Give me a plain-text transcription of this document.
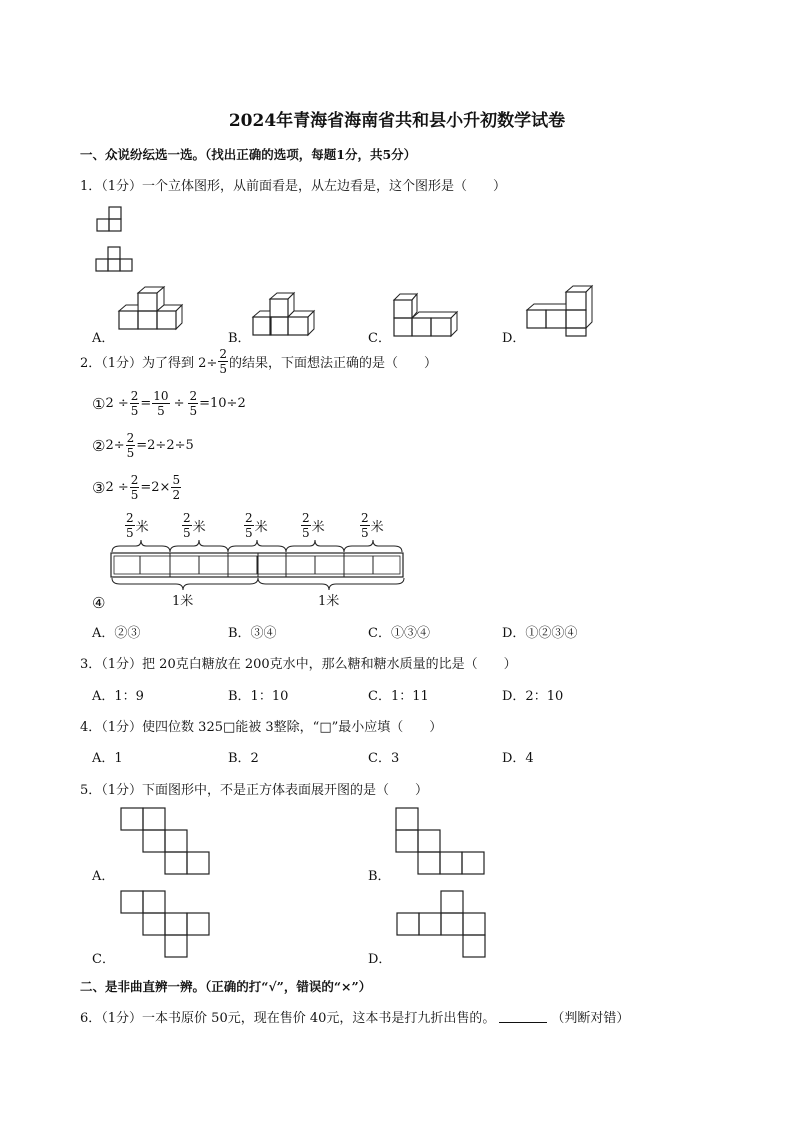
2024年青海省海南省共和县小升初数学试卷
一、众说纷纭选一选。（找出正确的选项，每题1分，共5分）
1．（1分）一个立体图形，从前面看是，从左边看是，这个图形是（　　）
A．	B．	C．	D．
2．（1分）为了得到 $2\div \frac{2}{5}$ 的结果，下面想法正确的是（　　）
① $2 \div \frac{2}{5} = \frac{10}{5} \div \frac{2}{5} =10\div 2$
② $2\div \frac{2}{5} =2\div 2\div 5$
③ $2 \div \frac{2}{5} =2\times \frac{5}{2}$
$\frac{2}{5}$ 米	$\frac{2}{5}$ 米	$\frac{2}{5}$ 米	$\frac{2}{5}$ 米	$\frac{2}{5}$ 米
④	1米	1米
A．②③	B．③④	C．①③④	D．①②③④
3．（1分）把 20克白糖放在 200克水中，那么糖和糖水质量的比是（　　）
A．1：9	B．1：10	C．1：11	D．2：10
4．（1分）使四位数 325□能被 3整除，“□”最小应填（　　）
A．1	B．2	C．3	D．4
5．（1分）下面图形中，不是正方体表面展开图的是（　　）
A．	B．
C．	D．
二、是非曲直辨一辨。（正确的打“√”，错误的“×”）
6．（1分）一本书原价 50元，现在售价 40元，这本书是打九折出售的。	（判断对错）
